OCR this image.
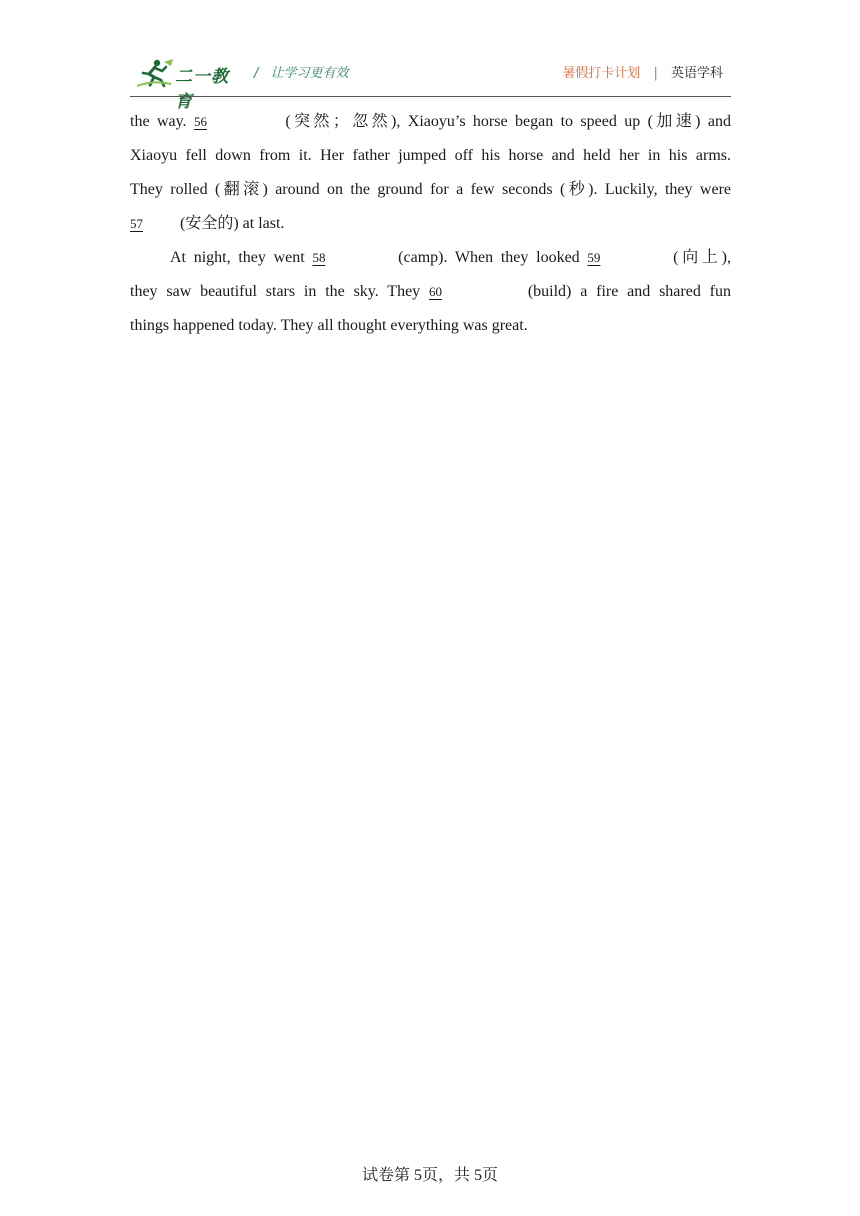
二一教育
/ 让学习更有效	暑假打卡计划 | 英语学科
the way. 56	(突然；忽然), Xiaoyu’s horse began to speed up (加速) and
Xiaoyu fell down from it. Her father jumped off his horse and held her in his arms.
They rolled (翻滚) around on the ground for a few seconds (秒). Luckily, they were
57 (安全的) at last.
At night, they went 58	(camp). When they looked 59	(向上),
they saw beautiful stars in the sky. They 60	(build) a fire and shared fun
things happened today. They all thought everything was great.
试卷第 5页，共 5页
